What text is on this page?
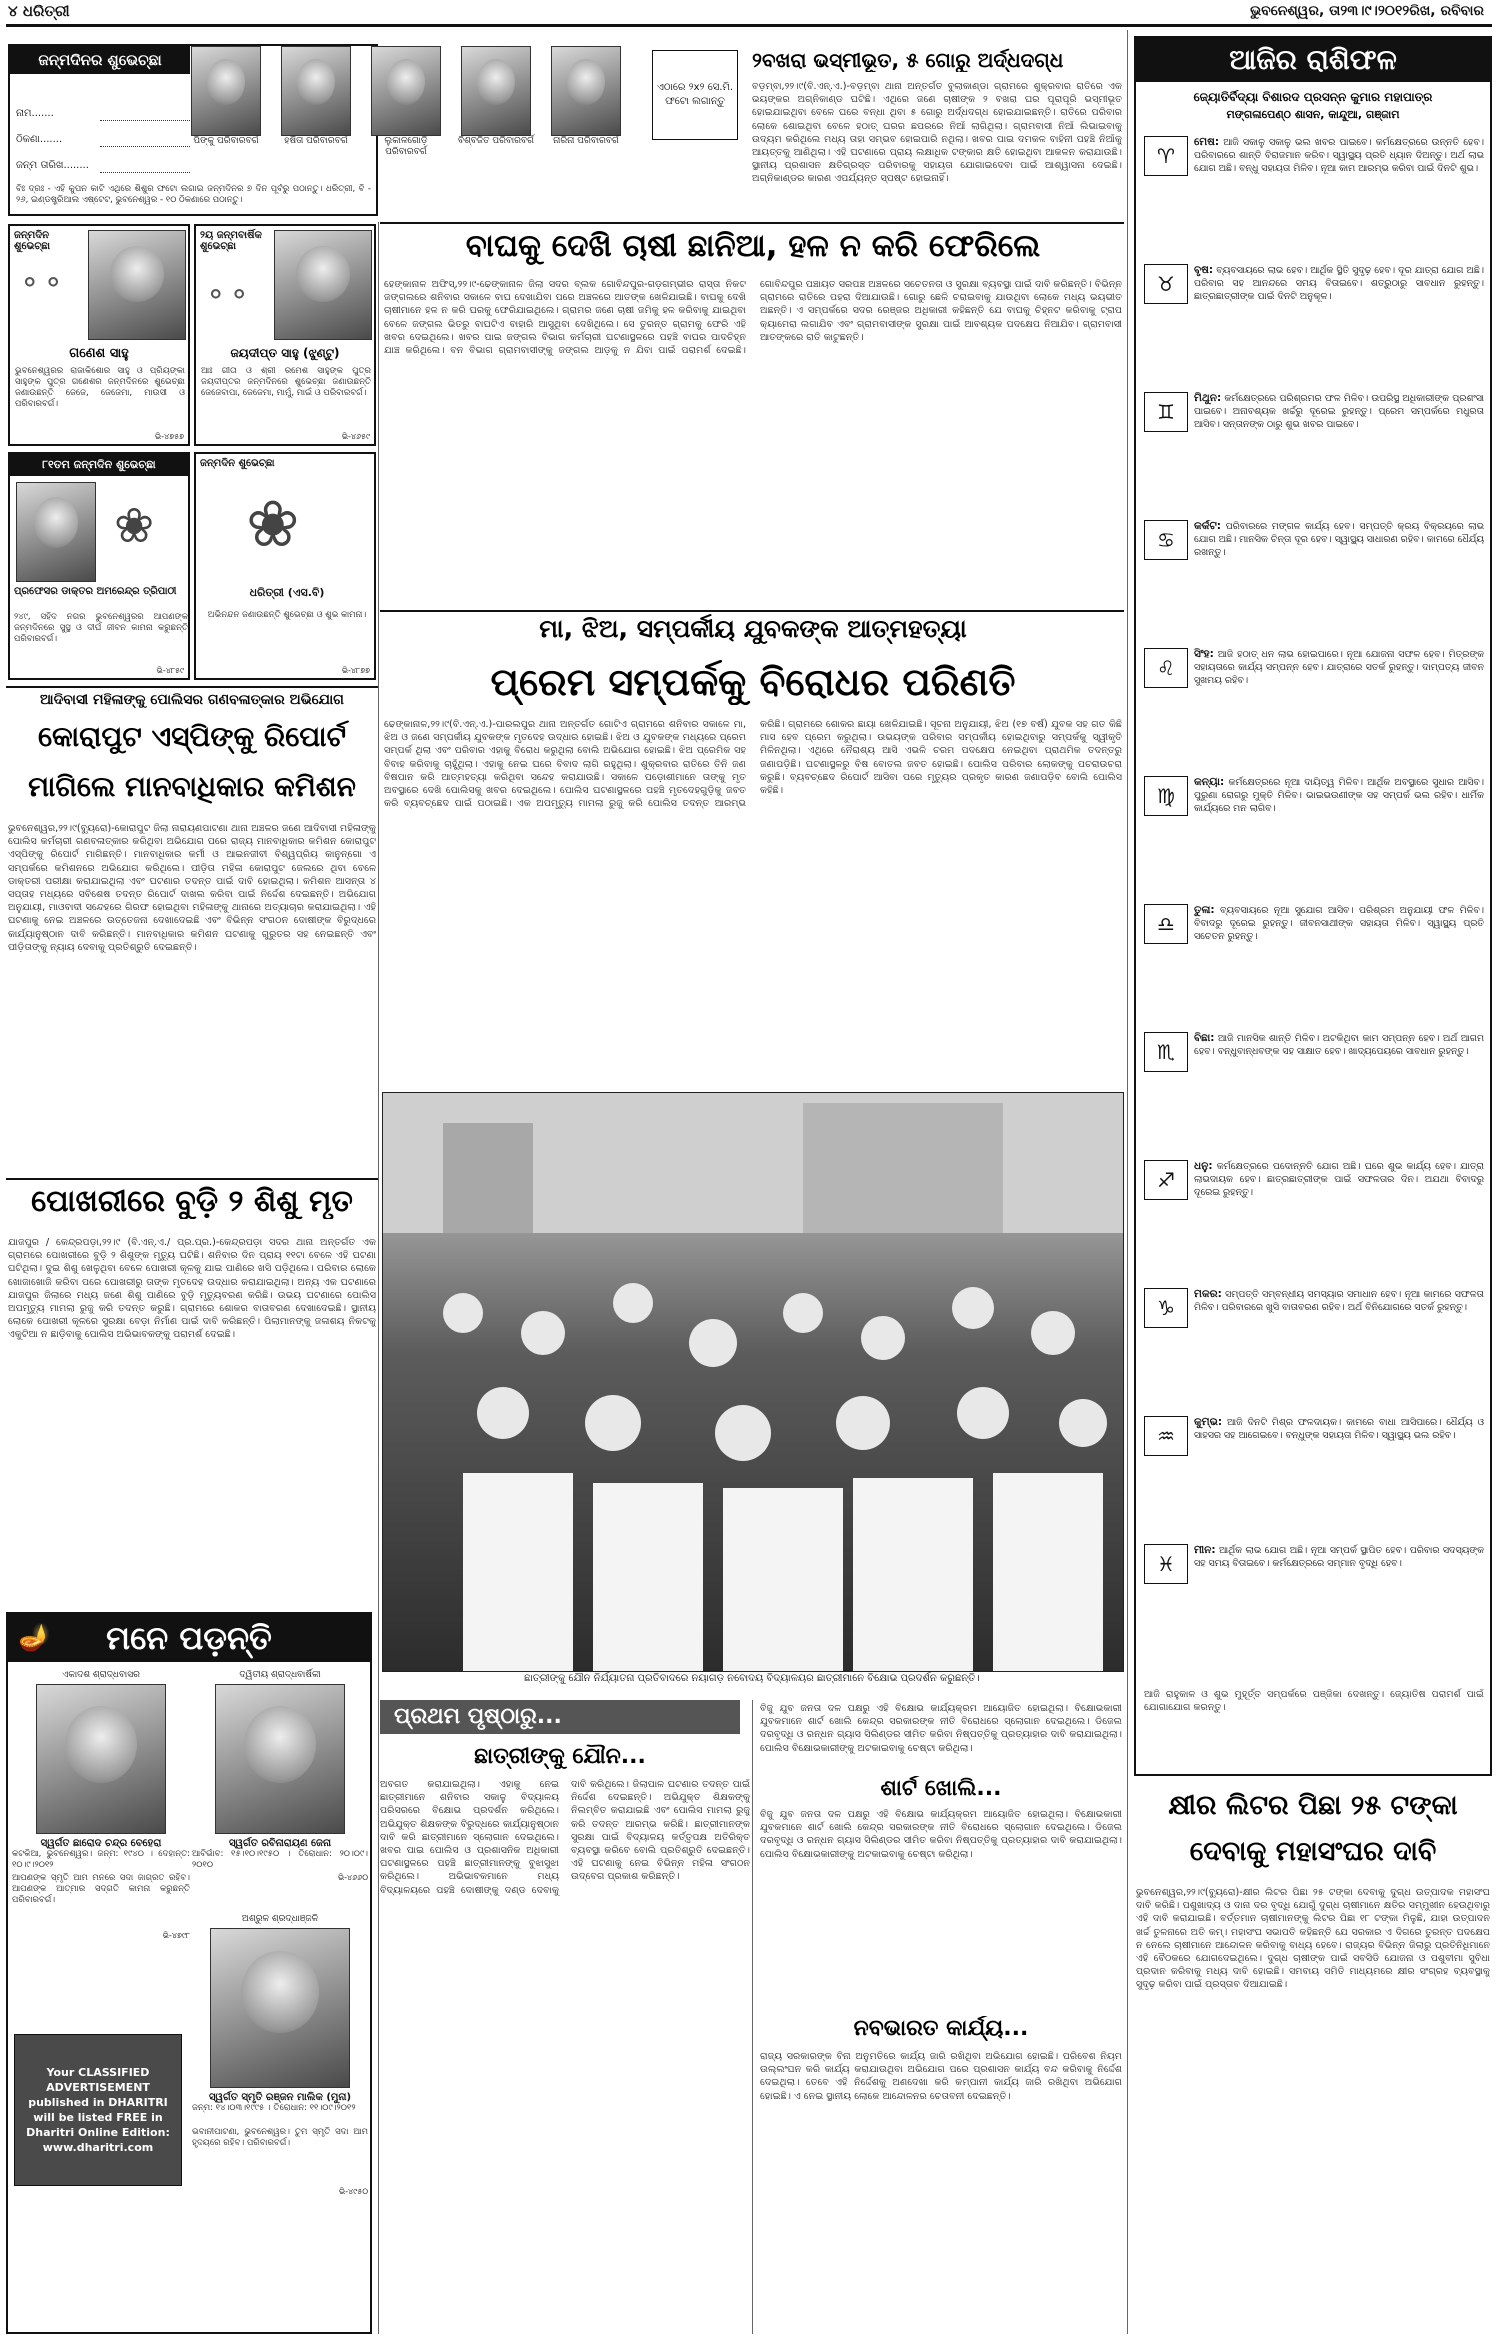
୪ ଧରିତ୍ରୀ	ଭୁବନେଶ୍ୱର, ତା୨୩।୯।୨୦୧୨ରିଖ, ରବିବାର
ଜନ୍ମଦିନର ଶୁଭେଚ୍ଛା
ନାମ.......
ଠିକଣା.......
ଜନ୍ମ ତାରିଖ........
ବିଃ ଦ୍ରଃ - ଏହି କୁପନ କାଟି ଏଥିରେ ଶିଶୁର ଫଟୋ ଲଗାଇ ଜନ୍ମଦିନର ୭ ଦିନ ପୂର୍ବରୁ ପଠାନ୍ତୁ। ଧରିତ୍ରୀ, ବି - ୨୬, ଇଣ୍ଡଷ୍ଟ୍ରିଆଲ ଏଷ୍ଟେଟ, ଭୁବନେଶ୍ୱର - ୧୦ ଠିକଣାରେ ପଠାନ୍ତୁ।
ପିଙ୍କୁ ପରିବାରବର୍ଗ	ହର୍ଷିତା ପରିବାରବର୍ଗ	ଲୁକାଳଗୋଡ଼ି ପରିବାରବର୍ଗ
ବିଶ୍ବଜିତ ପରିବାରବର୍ଗ	ନାରିନା ପରିବାରବର୍ଗ
ଏଠାରେ ୨x୨ ସେ.ମି. ଫଟୋ ଲଗାନ୍ତୁ
ଜନ୍ମଦିନ ଶୁଭେଚ୍ଛା
⚬⚬
ଗଣେଶ ସାହୁ
ଭୁବନେଶ୍ୱରର ରାଜାକିଶୋର ସାହୁ ଓ ପ୍ରିୟଙ୍କା ସାହୁଙ୍କ ପୁତ୍ର ଗଣେଶର ଜନ୍ମଦିନରେ ଶୁଭେଚ୍ଛା ଜଣାଉଛନ୍ତି ଜେଜେ, ଜେଜେମା, ମାଉସୀ ଓ ପରିବାରବର୍ଗ।
ଭି-୪୭୫୭
୨ୟ ଜନ୍ମବାର୍ଷିକ ଶୁଭେଚ୍ଛା
⚬⚬
ଜୟଦୀପ୍ତ ସାହୁ (ଝୁଣ୍ଟୁ)
ଆଃ ଗୀତା ଓ ଶ୍ରୀ ରମେଶ ସାହୁଙ୍କ ପୁତ୍ର ଜୟଦୀପ୍ତର ଜନ୍ମଦିନରେ ଶୁଭେଚ୍ଛା ଜଣାଉଛନ୍ତି ଜେଜେବାପା, ଜେଜେମା, ମାମୁଁ, ମାଇଁ ଓ ପରିବାରବର୍ଗ।
ଭି-୪୬୫୯
୮୧ତମ ଜନ୍ମଦିନ ଶୁଭେଚ୍ଛା
❀
ପ୍ରଫେସର ଡାକ୍ତର ଅମରେନ୍ଦ୍ର ତ୍ରିପାଠୀ
୨୪୯, ସହିଦ ନଗର ଭୁବନେଶ୍ୱରର ଆପଣଙ୍କ ଜନ୍ମଦିନରେ ସୁସ୍ଥ ଓ ଦୀର୍ଘ ଜୀବନ କାମନା କରୁଛନ୍ତି ପରିବାରବର୍ଗ।
ଭି-୪୮୫୯
ଜନ୍ମଦିନ ଶୁଭେଚ୍ଛା
❀
ଧରିତ୍ରୀ (ଏସ.ବି)
ଅଭିନନ୍ଦନ ଜଣାଉଛନ୍ତି ଶୁଭେଚ୍ଛା ଓ ଶୁଭ କାମନା।
ଭି-୪୮୭୭
୨ବଖରା ଭସ୍ମୀଭୂତ, ୫ ଗୋରୁ ଅର୍ଦ୍ଧଦଗ୍ଧ
ବଡ଼ମ୍ବା,୨୨।୯(ବି.ଏନ୍.ଏ.)-ବଡ଼ମ୍ବା ଥାନା ଅନ୍ତର୍ଗତ ବୁଲାକାଣ୍ଡା ଗ୍ରାମରେ ଶୁକ୍ରବାର ରାତିରେ ଏକ ଭୟଙ୍କର ଅଗ୍ନିକାଣ୍ଡ ଘଟିଛି। ଏଥିରେ ଜଣେ ଚାଷୀଙ୍କ ୨ ବଖରା ଘର ପୂରାପୂରି ଭସ୍ମୀଭୂତ ହୋଇଯାଇଥିବା ବେଳେ ଘରେ ବନ୍ଧା ଥିବା ୫ ଗୋରୁ ଅର୍ଦ୍ଧଦଗ୍ଧ ହୋଇଯାଇଛନ୍ତି। ରାତିରେ ପରିବାର ଲୋକେ ଶୋଇଥିବା ବେଳେ ହଠାତ୍ ଘରର ଛପରରେ ନିଆଁ ଲାଗିଥିଲା। ଗ୍ରାମବାସୀ ନିଆଁ ଲିଭାଇବାକୁ ଉଦ୍ୟମ କରିଥିଲେ ମଧ୍ୟ ତାହା ସମ୍ଭବ ହୋଇପାରି ନଥିଲା। ଖବର ପାଇ ଦମକଳ ବାହିନୀ ପହଞ୍ଚି ନିଆଁକୁ ଆୟତ୍ତକୁ ଆଣିଥିଲା। ଏହି ଘଟଣାରେ ପ୍ରାୟ ଲକ୍ଷାଧିକ ଟଙ୍କାର କ୍ଷତି ହୋଇଥିବା ଆକଳନ କରାଯାଉଛି। ସ୍ଥାନୀୟ ପ୍ରଶାସନ କ୍ଷତିଗ୍ରସ୍ତ ପରିବାରକୁ ସହାୟତା ଯୋଗାଇଦେବା ପାଇଁ ଆଶ୍ୱାସନା ଦେଇଛି। ଅଗ୍ନିକାଣ୍ଡର କାରଣ ଏପର୍ଯ୍ୟନ୍ତ ସ୍ପଷ୍ଟ ହୋଇନାହିଁ।
ବାଘକୁ ଦେଖି ଚାଷୀ ଛାନିଆ, ହଳ ନ କରି ଫେରିଲେ
ହେଙ୍କାନାଳ ଅଫିସ୍,୨୨।୯-ଢେଙ୍କାନାଳ ଜିଲା ସଦର ବ୍ଲକ ଗୋବିନ୍ଦପୁର-ଗଡ଼ଗମ୍ଭୀର ରାସ୍ତା ନିକଟ ଜଙ୍ଗଲରେ ଶନିବାର ସକାଳେ ବାଘ ଦେଖାଯିବା ପରେ ଅଞ୍ଚଳରେ ଆତଙ୍କ ଖେଳିଯାଇଛି। ବାଘକୁ ଦେଖି ଚାଷୀମାନେ ହଳ ନ କରି ଘରକୁ ଫେରିଯାଇଥିଲେ। ଗ୍ରାମର ଜଣେ ଚାଷୀ ଜମିକୁ ହଳ କରିବାକୁ ଯାଇଥିବା ବେଳେ ଜଙ୍ଗଲ ଭିତରୁ ବାଘଟିଏ ବାହାରି ଆସୁଥିବା ଦେଖିଥିଲେ। ସେ ତୁରନ୍ତ ଗ୍ରାମକୁ ଫେରି ଏହି ଖବର ଦେଇଥିଲେ। ଖବର ପାଇ ଜଙ୍ଗଲ ବିଭାଗ କର୍ମଚାରୀ ଘଟଣାସ୍ଥଳରେ ପହଞ୍ଚି ବାଘର ପାଦଚିହ୍ନ ଯାଞ୍ଚ କରିଥିଲେ। ବନ ବିଭାଗ ଗ୍ରାମବାସୀଙ୍କୁ ଜଙ୍ଗଲ ଆଡ଼କୁ ନ ଯିବା ପାଇଁ ପରାମର୍ଶ ଦେଇଛି। ଗୋବିନ୍ଦପୁର ପଞ୍ଚାୟତ ସରପଞ୍ଚ ଅଞ୍ଚଳରେ ସଚେତନତା ଓ ସୁରକ୍ଷା ବ୍ୟବସ୍ଥା ପାଇଁ ଦାବି କରିଛନ୍ତି। ବିଭିନ୍ନ ଗ୍ରାମରେ ରାତିରେ ପହରା ଦିଆଯାଉଛି। ଗୋରୁ ଛେଳି ଚରାଇବାକୁ ଯାଉଥିବା ଲୋକେ ମଧ୍ୟ ଭୟଭୀତ ଅଛନ୍ତି। ଏ ସମ୍ପର୍କରେ ସଦର ରେଞ୍ଜର ଅଧିକାରୀ କହିଛନ୍ତି ଯେ ବାଘକୁ ଚିହ୍ନଟ କରିବାକୁ ଟ୍ରାପ କ୍ୟାମେରା ଲଗାଯିବ ଏବଂ ଗ୍ରାମବାସୀଙ୍କ ସୁରକ୍ଷା ପାଇଁ ଆବଶ୍ୟକ ପଦକ୍ଷେପ ନିଆଯିବ। ଗ୍ରାମବାସୀ ଆତଙ୍କରେ ରାତି କାଟୁଛନ୍ତି।
ମା, ଝିଅ, ସମ୍ପର୍କୀୟ ଯୁବକଙ୍କ ଆତ୍ମହତ୍ୟା
ପ୍ରେମ ସମ୍ପର୍କକୁ ବିରୋଧର ପରିଣତି
ଢେଙ୍କାନାଳ,୨୨।୯(ବି.ଏନ୍.ଏ.)-ପାରଲପୁର ଥାନା ଅନ୍ତର୍ଗତ ଗୋଟିଏ ଗ୍ରାମରେ ଶନିବାର ସକାଳେ ମା, ଝିଅ ଓ ଜଣେ ସମ୍ପର୍କୀୟ ଯୁବକଙ୍କ ମୃତଦେହ ଉଦ୍ଧାର ହୋଇଛି। ଝିଅ ଓ ଯୁବକଙ୍କ ମଧ୍ୟରେ ପ୍ରେମ ସମ୍ପର୍କ ଥିଲା ଏବଂ ପରିବାର ଏହାକୁ ବିରୋଧ କରୁଥିଲା ବୋଲି ଅଭିଯୋଗ ହୋଇଛି। ଝିଅ ପ୍ରେମିକ ସହ ବିବାହ କରିବାକୁ ଚାହୁଁଥିଲା। ଏହାକୁ ନେଇ ଘରେ ବିବାଦ ଲାଗି ରହୁଥିଲା। ଶୁକ୍ରବାର ରାତିରେ ତିନି ଜଣ ବିଷପାନ କରି ଆତ୍ମହତ୍ୟା କରିଥିବା ସନ୍ଦେହ କରାଯାଉଛି। ସକାଳେ ପଡ଼ୋଶୀମାନେ ତାଙ୍କୁ ମୃତ ଅବସ୍ଥାରେ ଦେଖି ପୋଲିସକୁ ଖବର ଦେଇଥିଲେ। ପୋଲିସ ଘଟଣାସ୍ଥଳରେ ପହଞ୍ଚି ମୃତଦେହଗୁଡ଼ିକୁ ଜବତ କରି ବ୍ୟବଚ୍ଛେଦ ପାଇଁ ପଠାଇଛି। ଏକ ଅପମୃତ୍ୟୁ ମାମଲା ରୁଜୁ କରି ପୋଲିସ ତଦନ୍ତ ଆରମ୍ଭ କରିଛି। ଗ୍ରାମରେ ଶୋକର ଛାୟା ଖେଳିଯାଇଛି। ସୂଚନା ଅନୁଯାୟୀ, ଝିଅ (୧୭ ବର୍ଷ) ଯୁବକ ସହ ଗତ କିଛି ମାସ ହେବ ପ୍ରେମ କରୁଥିଲା। ଉଭୟଙ୍କ ପରିବାର ସମ୍ପର୍କୀୟ ହୋଇଥିବାରୁ ସମ୍ପର୍କକୁ ସ୍ୱୀକୃତି ମିଳିନଥିଲା। ଏଥିରେ ନୈରାଶ୍ୟ ଆସି ଏଭଳି ଚରମ ପଦକ୍ଷେପ ନେଇଥିବା ପ୍ରାଥମିକ ତଦନ୍ତରୁ ଜଣାପଡ଼ିଛି। ଘଟଣାସ୍ଥଳରୁ ବିଷ ବୋତଲ ଜବତ ହୋଇଛି। ପୋଲିସ ପରିବାର ଲୋକଙ୍କୁ ପଚରାଉଚରା କରୁଛି। ବ୍ୟବଚ୍ଛେଦ ରିପୋର୍ଟ ଆସିବା ପରେ ମୃତ୍ୟୁର ପ୍ରକୃତ କାରଣ ଜଣାପଡ଼ିବ ବୋଲି ପୋଲିସ କହିଛି।
ଆଦିବାସୀ ମହିଳାଙ୍କୁ ପୋଲିସର ଗଣବଳାତ୍କାର ଅଭିଯୋଗ
କୋରାପୁଟ ଏସ୍‌ପିଙ୍କୁ ରିପୋର୍ଟ
ମାଗିଲେ ମାନବାଧିକାର କମିଶନ
ଭୁବନେଶ୍ୱର,୨୨।୯(ବ୍ୟୁରୋ)-କୋରାପୁଟ ଜିଲା ନାରାୟଣପାଟଣା ଥାନା ଅଞ୍ଚଳର ଜଣେ ଆଦିବାସୀ ମହିଳାଙ୍କୁ ପୋଲିସ କର୍ମଚାରୀ ଗଣବଳାତ୍କାର କରିଥିବା ଅଭିଯୋଗ ପରେ ରାଜ୍ୟ ମାନବାଧିକାର କମିଶନ କୋରାପୁଟ ଏସ୍‌ପିଙ୍କୁ ରିପୋର୍ଟ ମାଗିଛନ୍ତି। ମାନବାଧିକାର କର୍ମୀ ଓ ଆଇନଜୀବୀ ବିଶ୍ୱପ୍ରିୟ କାନୁନ୍‌ଗୋ ଏ ସମ୍ପର୍କରେ କମିଶନରେ ଅଭିଯୋଗ କରିଥିଲେ। ପୀଡ଼ିତା ମହିଳା କୋରାପୁଟ ଜେଲରେ ଥିବା ବେଳେ ଡାକ୍ତରୀ ପରୀକ୍ଷା କରାଯାଇଥିଲା ଏବଂ ଘଟଣାର ତଦନ୍ତ ପାଇଁ ଦାବି ହୋଇଥିଲା। କମିଶନ ଆସନ୍ତା ୪ ସପ୍ତାହ ମଧ୍ୟରେ ସବିଶେଷ ତଦନ୍ତ ରିପୋର୍ଟ ଦାଖଲ କରିବା ପାଇଁ ନିର୍ଦ୍ଦେଶ ଦେଇଛନ୍ତି। ଅଭିଯୋଗ ଅନୁଯାୟୀ, ମାଓବାଦୀ ସନ୍ଦେହରେ ଗିରଫ ହୋଇଥିବା ମହିଳାଙ୍କୁ ଥାନାରେ ଅତ୍ୟାଚାର କରାଯାଇଥିଲା। ଏହି ଘଟଣାକୁ ନେଇ ଅଞ୍ଚଳରେ ଉତ୍ତେଜନା ଦେଖାଦେଇଛି ଏବଂ ବିଭିନ୍ନ ସଂଗଠନ ଦୋଷୀଙ୍କ ବିରୁଦ୍ଧରେ କାର୍ଯ୍ୟାନୁଷ୍ଠାନ ଦାବି କରିଛନ୍ତି। ମାନବାଧିକାର କମିଶନ ଘଟଣାକୁ ଗୁରୁତର ସହ ନେଇଛନ୍ତି ଏବଂ ପୀଡ଼ିତାଙ୍କୁ ନ୍ୟାୟ ଦେବାକୁ ପ୍ରତିଶ୍ରୁତି ଦେଇଛନ୍ତି।
ପୋଖରୀରେ ବୁଡ଼ି ୨ ଶିଶୁ ମୃତ
ଯାଜପୁର / କେନ୍ଦ୍ରପଡ଼ା,୨୨।୯ (ବି.ଏନ୍.ଏ./ ପ୍ର.ପ୍ର.)-କେନ୍ଦ୍ରପଡ଼ା ସଦର ଥାନା ଅନ୍ତର୍ଗତ ଏକ ଗ୍ରାମରେ ପୋଖରୀରେ ବୁଡ଼ି ୨ ଶିଶୁଙ୍କ ମୃତ୍ୟୁ ଘଟିଛି। ଶନିବାର ଦିନ ପ୍ରାୟ ୧୧ଟା ବେଳେ ଏହି ଘଟଣା ଘଟିଥିଲା। ଦୁଇ ଶିଶୁ ଖେଳୁଥିବା ବେଳେ ପୋଖରୀ କୂଳକୁ ଯାଇ ପାଣିରେ ଖସି ପଡ଼ିଥିଲେ। ପରିବାର ଲୋକେ ଖୋଜାଖୋଜି କରିବା ପରେ ପୋଖରୀରୁ ତାଙ୍କ ମୃତଦେହ ଉଦ୍ଧାର କରାଯାଇଥିଲା। ଅନ୍ୟ ଏକ ଘଟଣାରେ ଯାଜପୁର ଜିଲାରେ ମଧ୍ୟ ଜଣେ ଶିଶୁ ପାଣିରେ ବୁଡ଼ି ମୃତ୍ୟୁବରଣ କରିଛି। ଉଭୟ ଘଟଣାରେ ପୋଲିସ ଅପମୃତ୍ୟୁ ମାମଲା ରୁଜୁ କରି ତଦନ୍ତ କରୁଛି। ଗ୍ରାମରେ ଶୋକର ବାତାବରଣ ଦେଖାଦେଇଛି। ସ୍ଥାନୀୟ ଲୋକେ ପୋଖରୀ କୂଳରେ ସୁରକ୍ଷା ବେଡ଼ା ନିର୍ମାଣ ପାଇଁ ଦାବି କରିଛନ୍ତି। ପିଲାମାନଙ୍କୁ ଜଳାଶୟ ନିକଟକୁ ଏକୁଟିଆ ନ ଛାଡ଼ିବାକୁ ପୋଲିସ ଅଭିଭାବକଙ୍କୁ ପରାମର୍ଶ ଦେଇଛି।
ଛାତ୍ରୀଙ୍କୁ ଯୌନ ନିର୍ଯ୍ୟାତନା ପ୍ରତିବାଦରେ ନୟାଗଡ଼ ନବୋଦୟ ବିଦ୍ୟାଳୟର ଛାତ୍ରୀମାନେ ବିକ୍ଷୋଭ ପ୍ରଦର୍ଶନ କରୁଛନ୍ତି।
ପ୍ରଥମ ପୃଷ୍ଠାରୁ...
ଛାତ୍ରୀଙ୍କୁ ଯୌନ...
ଅବଗତ କରାଯାଇଥିଲା। ଏହାକୁ ନେଇ ଛାତ୍ରୀମାନେ ଶନିବାର ସକାଳୁ ବିଦ୍ୟାଳୟ ପରିସରରେ ବିକ୍ଷୋଭ ପ୍ରଦର୍ଶନ କରିଥିଲେ। ଅଭିଯୁକ୍ତ ଶିକ୍ଷକଙ୍କ ବିରୁଦ୍ଧରେ କାର୍ଯ୍ୟାନୁଷ୍ଠାନ ଦାବି କରି ଛାତ୍ରୀମାନେ ସ୍ଲୋଗାନ ଦେଇଥିଲେ। ଖବର ପାଇ ପୋଲିସ ଓ ପ୍ରଶାସନିକ ଅଧିକାରୀ ଘଟଣାସ୍ଥଳରେ ପହଞ୍ଚି ଛାତ୍ରୀମାନଙ୍କୁ ବୁଝାସୁଝା କରିଥିଲେ। ଅଭିଭାବକମାନେ ମଧ୍ୟ ବିଦ୍ୟାଳୟରେ ପହଞ୍ଚି ଦୋଷୀଙ୍କୁ ଦଣ୍ଡ ଦେବାକୁ ଦାବି କରିଥିଲେ। ଜିଲାପାଳ ଘଟଣାର ତଦନ୍ତ ପାଇଁ ନିର୍ଦ୍ଦେଶ ଦେଇଛନ୍ତି। ଅଭିଯୁକ୍ତ ଶିକ୍ଷକଙ୍କୁ ନିଲମ୍ବିତ କରାଯାଇଛି ଏବଂ ପୋଲିସ ମାମଲା ରୁଜୁ କରି ତଦନ୍ତ ଆରମ୍ଭ କରିଛି। ଛାତ୍ରୀମାନଙ୍କ ସୁରକ୍ଷା ପାଇଁ ବିଦ୍ୟାଳୟ କର୍ତ୍ତୃପକ୍ଷ ଅତିରିକ୍ତ ବ୍ୟବସ୍ଥା କରିବେ ବୋଲି ପ୍ରତିଶ୍ରୁତି ଦେଇଛନ୍ତି। ଏହି ଘଟଣାକୁ ନେଇ ବିଭିନ୍ନ ମହିଳା ସଂଗଠନ ଉଦ୍‌ବେଗ ପ୍ରକାଶ କରିଛନ୍ତି।
ବିଜୁ ଯୁବ ଜନତା ଦଳ ପକ୍ଷରୁ ଏହି ବିକ୍ଷୋଭ କାର୍ଯ୍ୟକ୍ରମ ଆୟୋଜିତ ହୋଇଥିଲା। ବିକ୍ଷୋଭକାରୀ ଯୁବକମାନେ ଶାର୍ଟ ଖୋଲି କେନ୍ଦ୍ର ସରକାରଙ୍କ ନୀତି ବିରୋଧରେ ସ୍ଲୋଗାନ ଦେଇଥିଲେ। ଡିଜେଲ ଦରବୃଦ୍ଧି ଓ ରନ୍ଧନ ଗ୍ୟାସ ସିଲିଣ୍ଡର ସୀମିତ କରିବା ନିଷ୍ପତ୍ତିକୁ ପ୍ରତ୍ୟାହାର ଦାବି କରାଯାଇଥିଲା। ପୋଲିସ ବିକ୍ଷୋଭକାରୀଙ୍କୁ ଅଟକାଇବାକୁ ଚେଷ୍ଟା କରିଥିଲା।
ଶାର୍ଟ ଖୋଲି...
ବିଜୁ ଯୁବ ଜନତା ଦଳ ପକ୍ଷରୁ ଏହି ବିକ୍ଷୋଭ କାର୍ଯ୍ୟକ୍ରମ ଆୟୋଜିତ ହୋଇଥିଲା। ବିକ୍ଷୋଭକାରୀ ଯୁବକମାନେ ଶାର୍ଟ ଖୋଲି କେନ୍ଦ୍ର ସରକାରଙ୍କ ନୀତି ବିରୋଧରେ ସ୍ଲୋଗାନ ଦେଇଥିଲେ। ଡିଜେଲ ଦରବୃଦ୍ଧି ଓ ରନ୍ଧନ ଗ୍ୟାସ ସିଲିଣ୍ଡର ସୀମିତ କରିବା ନିଷ୍ପତ୍ତିକୁ ପ୍ରତ୍ୟାହାର ଦାବି କରାଯାଇଥିଲା। ପୋଲିସ ବିକ୍ଷୋଭକାରୀଙ୍କୁ ଅଟକାଇବାକୁ ଚେଷ୍ଟା କରିଥିଲା।
ନବଭାରତ କାର୍ଯ୍ୟ...
ରାଜ୍ୟ ସରକାରଙ୍କ ବିନା ଅନୁମତିରେ କାର୍ଯ୍ୟ ଜାରି ରଖିଥିବା ଅଭିଯୋଗ ହୋଇଛି। ପରିବେଶ ନିୟମ ଉଲ୍ଲଂଘନ କରି କାର୍ଯ୍ୟ କରାଯାଉଥିବା ଅଭିଯୋଗ ପରେ ପ୍ରଶାସନ କାର୍ଯ୍ୟ ବନ୍ଦ କରିବାକୁ ନିର୍ଦ୍ଦେଶ ଦେଇଥିଲା। ତେବେ ଏହି ନିର୍ଦ୍ଦେଶକୁ ଅଣଦେଖା କରି କମ୍ପାନୀ କାର୍ଯ୍ୟ ଜାରି ରଖିଥିବା ଅଭିଯୋଗ ହୋଇଛି। ଏ ନେଇ ସ୍ଥାନୀୟ ଲୋକେ ଆନ୍ଦୋଳନର ଚେତାବନୀ ଦେଇଛନ୍ତି।
ଆଜିର ରାଶିଫଳ
ଜ୍ୟୋତିର୍ବିଦ୍ୟା ବିଶାରଦ ପ୍ରସନ୍ନ କୁମାର ମହାପାତ୍ର
ମଙ୍ଗଳାପେଣ୍ଠ ଶାସନ, କାନ୍ଦୁଆ, ଗଞ୍ଜାମ
♈
ମେଷ: ଆଜି ସକାଳୁ ସକାଳୁ ଭଲ ଖବର ପାଇବେ। କର୍ମକ୍ଷେତ୍ରରେ ଉନ୍ନତି ହେବ। ପରିବାରରେ ଶାନ୍ତି ବିରାଜମାନ କରିବ। ସ୍ୱାସ୍ଥ୍ୟ ପ୍ରତି ଧ୍ୟାନ ଦିଅନ୍ତୁ। ଅର୍ଥ ଲାଭ ଯୋଗ ଅଛି। ବନ୍ଧୁ ସହାୟତା ମିଳିବ। ନୂଆ କାମ ଆରମ୍ଭ କରିବା ପାଇଁ ଦିନଟି ଶୁଭ।
♉
ବୃଷ: ବ୍ୟବସାୟରେ ଲାଭ ହେବ। ଆର୍ଥିକ ସ୍ଥିତି ସୁଦୃଢ଼ ହେବ। ଦୂର ଯାତ୍ରା ଯୋଗ ଅଛି। ପରିବାର ସହ ଆନନ୍ଦରେ ସମୟ ବିତାଇବେ। ଶତ୍ରୁଠାରୁ ସାବଧାନ ରୁହନ୍ତୁ। ଛାତ୍ରଛାତ୍ରୀଙ୍କ ପାଇଁ ଦିନଟି ଅନୁକୂଳ।
♊
ମିଥୁନ: କର୍ମକ୍ଷେତ୍ରରେ ପରିଶ୍ରମର ଫଳ ମିଳିବ। ଉପରିସ୍ଥ ଅଧିକାରୀଙ୍କ ପ୍ରଶଂସା ପାଇବେ। ଅନାବଶ୍ୟକ ଖର୍ଚ୍ଚରୁ ଦୂରେଇ ରୁହନ୍ତୁ। ପ୍ରେମ ସମ୍ପର୍କରେ ମଧୁରତା ଆସିବ। ସନ୍ତାନଙ୍କ ଠାରୁ ଶୁଭ ଖବର ପାଇବେ।
♋
କର୍କଟ: ପରିବାରରେ ମଙ୍ଗଳ କାର୍ଯ୍ୟ ହେବ। ସମ୍ପତ୍ତି କ୍ରୟ ବିକ୍ରୟରେ ଲାଭ ଯୋଗ ଅଛି। ମାନସିକ ଚିନ୍ତା ଦୂର ହେବ। ସ୍ୱାସ୍ଥ୍ୟ ସାଧାରଣ ରହିବ। କାମରେ ଧୈର୍ଯ୍ୟ ରଖନ୍ତୁ।
♌
ସିଂହ: ଆଜି ହଠାତ୍ ଧନ ଲାଭ ହୋଇପାରେ। ନୂଆ ଯୋଜନା ସଫଳ ହେବ। ମିତ୍ରଙ୍କ ସହାୟତାରେ କାର୍ଯ୍ୟ ସମ୍ପନ୍ନ ହେବ। ଯାତ୍ରାରେ ସତର୍କ ରୁହନ୍ତୁ। ଦାମ୍ପତ୍ୟ ଜୀବନ ସୁଖମୟ ରହିବ।
♍
କନ୍ୟା: କର୍ମକ୍ଷେତ୍ରରେ ନୂଆ ଦାୟିତ୍ୱ ମିଳିବ। ଆର୍ଥିକ ଅବସ୍ଥାରେ ସୁଧାର ଆସିବ। ପୁରୁଣା ରୋଗରୁ ମୁକ୍ତି ମିଳିବ। ଭାଇଭଉଣୀଙ୍କ ସହ ସମ୍ପର୍କ ଭଲ ରହିବ। ଧାର୍ମିକ କାର୍ଯ୍ୟରେ ମନ ଲାଗିବ।
♎
ତୁଳା: ବ୍ୟବସାୟରେ ନୂଆ ସୁଯୋଗ ଆସିବ। ପରିଶ୍ରମ ଅନୁଯାୟୀ ଫଳ ମିଳିବ। ବିବାଦରୁ ଦୂରେଇ ରୁହନ୍ତୁ। ଜୀବନସାଥୀଙ୍କ ସହାୟତା ମିଳିବ। ସ୍ୱାସ୍ଥ୍ୟ ପ୍ରତି ସଚେତନ ରୁହନ୍ତୁ।
♏
ବିଛା: ଆଜି ମାନସିକ ଶାନ୍ତି ମିଳିବ। ଅଟକିଥିବା କାମ ସମ୍ପନ୍ନ ହେବ। ଅର୍ଥ ଆଗମ ହେବ। ବନ୍ଧୁବାନ୍ଧବଙ୍କ ସହ ସାକ୍ଷାତ ହେବ। ଖାଦ୍ୟପେୟରେ ସାବଧାନ ରୁହନ୍ତୁ।
♐
ଧନୁ: କର୍ମକ୍ଷେତ୍ରରେ ପଦୋନ୍ନତି ଯୋଗ ଅଛି। ଘରେ ଶୁଭ କାର୍ଯ୍ୟ ହେବ। ଯାତ୍ରା ଲାଭଦାୟକ ହେବ। ଛାତ୍ରଛାତ୍ରୀଙ୍କ ପାଇଁ ସଫଳତାର ଦିନ। ଅଯଥା ବିବାଦରୁ ଦୂରେଇ ରୁହନ୍ତୁ।
♑
ମକର: ସମ୍ପତ୍ତି ସମ୍ବନ୍ଧୀୟ ସମସ୍ୟାର ସମାଧାନ ହେବ। ନୂଆ କାମରେ ସଫଳତା ମିଳିବ। ପରିବାରରେ ଖୁସି ବାତାବରଣ ରହିବ। ଅର୍ଥ ବିନିଯୋଗରେ ସତର୍କ ରୁହନ୍ତୁ।
♒
କୁମ୍ଭ: ଆଜି ଦିନଟି ମିଶ୍ର ଫଳଦାୟକ। କାମରେ ବାଧା ଆସିପାରେ। ଧୈର୍ଯ୍ୟ ଓ ସାହସର ସହ ଆଗେଇବେ। ବନ୍ଧୁଙ୍କ ସହାୟତା ମିଳିବ। ସ୍ୱାସ୍ଥ୍ୟ ଭଲ ରହିବ।
♓
ମୀନ: ଆର୍ଥିକ ଲାଭ ଯୋଗ ଅଛି। ନୂଆ ସମ୍ପର୍କ ସ୍ଥାପିତ ହେବ। ପରିବାର ସଦସ୍ୟଙ୍କ ସହ ସମୟ ବିତାଇବେ। କର୍ମକ୍ଷେତ୍ରରେ ସମ୍ମାନ ବୃଦ୍ଧି ହେବ।
ଆଜି ରାହୁକାଳ ଓ ଶୁଭ ମୁହୂର୍ତ୍ତ ସମ୍ପର୍କରେ ପଞ୍ଜିକା ଦେଖନ୍ତୁ। ଜ୍ୟୋତିଷ ପରାମର୍ଶ ପାଇଁ ଯୋଗାଯୋଗ କରନ୍ତୁ।
କ୍ଷୀର ଲିଟର ପିଛା ୨୫ ଟଙ୍କା
ଦେବାକୁ ମହାସଂଘର ଦାବି
ଭୁବନେଶ୍ୱର,୨୨।୯(ବ୍ୟୁରୋ)-କ୍ଷୀର ଲିଟର ପିଛା ୨୫ ଟଙ୍କା ଦେବାକୁ ଦୁଗ୍ଧ ଉତ୍ପାଦକ ମହାସଂଘ ଦାବି କରିଛି। ପଶୁଖାଦ୍ୟ ଓ ଦାନା ଦର ବୃଦ୍ଧି ଯୋଗୁଁ ଦୁଗ୍ଧ ଚାଷୀମାନେ କ୍ଷତିର ସମ୍ମୁଖୀନ ହେଉଥିବାରୁ ଏହି ଦାବି କରାଯାଇଛି। ବର୍ତ୍ତମାନ ଚାଷୀମାନଙ୍କୁ ଲିଟର ପିଛା ୧୮ ଟଙ୍କା ମିଳୁଛି, ଯାହା ଉତ୍ପାଦନ ଖର୍ଚ୍ଚ ତୁଳନାରେ ଅତି କମ୍। ମହାସଂଘ ସଭାପତି କହିଛନ୍ତି ଯେ ସରକାର ଏ ଦିଗରେ ତୁରନ୍ତ ପଦକ୍ଷେପ ନ ନେଲେ ଚାଷୀମାନେ ଆନ୍ଦୋଳନ କରିବାକୁ ବାଧ୍ୟ ହେବେ। ରାଜ୍ୟର ବିଭିନ୍ନ ଜିଲାରୁ ପ୍ରତିନିଧିମାନେ ଏହି ବୈଠକରେ ଯୋଗଦେଇଥିଲେ। ଦୁଗ୍ଧ ଚାଷୀଙ୍କ ପାଇଁ ସବସିଡି ଯୋଜନା ଓ ପଶୁବୀମା ସୁବିଧା ପ୍ରଦାନ କରିବାକୁ ମଧ୍ୟ ଦାବି ହୋଇଛି। ସମବାୟ ସମିତି ମାଧ୍ୟମରେ କ୍ଷୀର ସଂଗ୍ରହ ବ୍ୟବସ୍ଥାକୁ ସୁଦୃଢ଼ କରିବା ପାଇଁ ପ୍ରସ୍ତାବ ଦିଆଯାଇଛି।
🪔 ମନେ ପଡ଼ନ୍ତି
ଏକାଦଶ ଶ୍ରାଦ୍ଧବାସର
ସ୍ୱର୍ଗତ ଛାରୋଦ ଚନ୍ଦ୍ର ବେହେରା
କଟକିଆ, ଭୁବନେଶ୍ୱର। ଜନ୍ମ: ୧୯୪୦ । ଦେହାନ୍ତ: ୧୦।୯।୨୦୧୨
ଆପଣଙ୍କ ସ୍ମୃତି ଆମ ମନରେ ସଦା ଜାଗ୍ରତ ରହିବ। ଆପଣଙ୍କ ଆତ୍ମାର ସଦ୍‌ଗତି କାମନା କରୁଛନ୍ତି ପରିବାରବର୍ଗ।
ଭି-୪୭୯୮
ଦ୍ୱିତୀୟ ଶ୍ରାଦ୍ଧବାର୍ଷିକୀ
ସ୍ୱର୍ଗତ ରବିନାରାୟଣ ଜେନା
ଆବିର୍ଭାବ: ୧୫।୧୦।୧୯୫୦ । ତିରୋଧାନ: ୨୦।୦୯।୨୦୧୦
ଭି-୪୬୬୦
Your CLASSIFIED ADVERTISEMENT published in DHARITRI will be listed FREE in Dharitri Online Edition: www.dharitri.com
ଅଶ୍ରୁଳ ଶ୍ରଦ୍ଧାଞ୍ଜଳି
ସ୍ୱର୍ଗତ ସ୍ମୃତି ରଞ୍ଜନ ମାଲିକ (ମୁନା)
ଜନ୍ମ: ୧୪।୦୩।୧୯୯୫ । ତିରୋଧାନ: ୧୧।୦୯।୨୦୧୨
ଭବାନୀପାଟଣା, ଭୁବନେଶ୍ୱର। ତୁମ ସ୍ମୃତି ସଦା ଆମ ହୃଦୟରେ ରହିବ। ପରିବାରବର୍ଗ।
ଭି-୪୯୫୦
